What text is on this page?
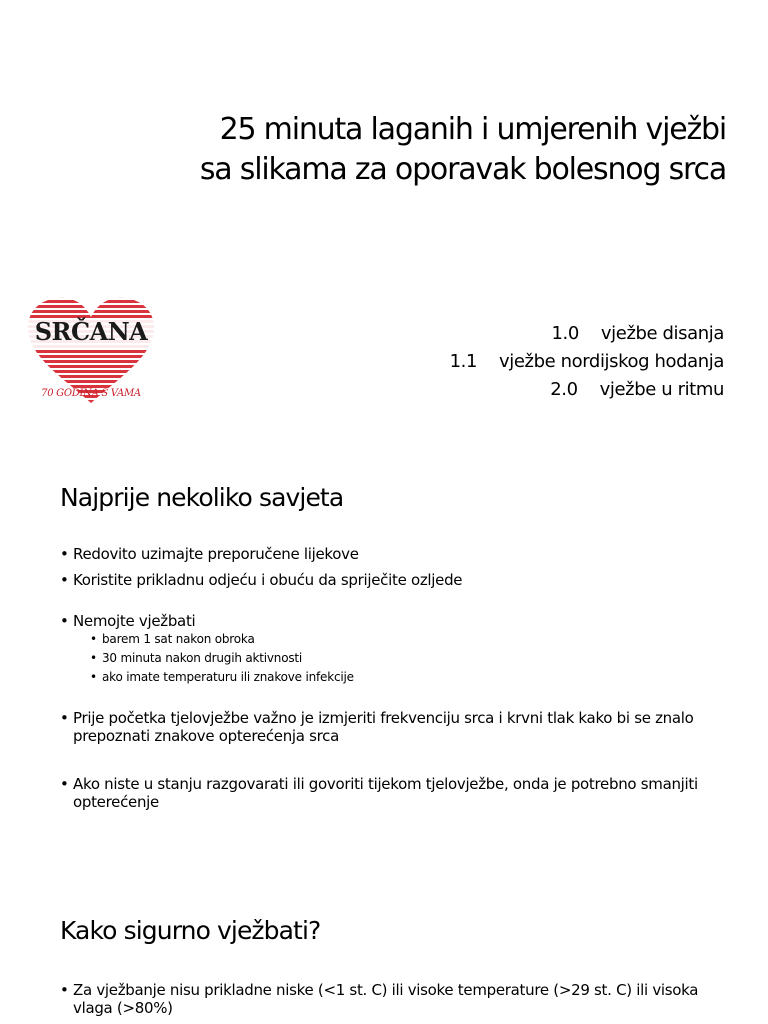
25 minuta laganih i umjerenih vježbi
sa slikama za oporavak bolesnog srca
SRČANA
70 GODINA S VAMA
1.0 vježbe disanja
1.1 vježbe nordijskog hodanja
2.0 vježbe u ritmu
Najprije nekoliko savjeta
• Redovito uzimajte preporučene lijekove
• Koristite prikladnu odjeću i obuću da spriječite ozljede
• Nemojte vježbati
• barem 1 sat nakon obroka
• 30 minuta nakon drugih aktivnosti
• ako imate temperaturu ili znakove infekcije
• Prije početka tjelovježbe važno je izmjeriti frekvenciju srca i krvni tlak kako bi se znalo prepoznati znakove opterećenja srca
• Ako niste u stanju razgovarati ili govoriti tijekom tjelovježbe, onda je potrebno smanjiti opterećenje
Kako sigurno vježbati?
• Za vježbanje nisu prikladne niske (<1 st. C) ili visoke temperature (>29 st. C) ili visoka vlaga (>80%)
